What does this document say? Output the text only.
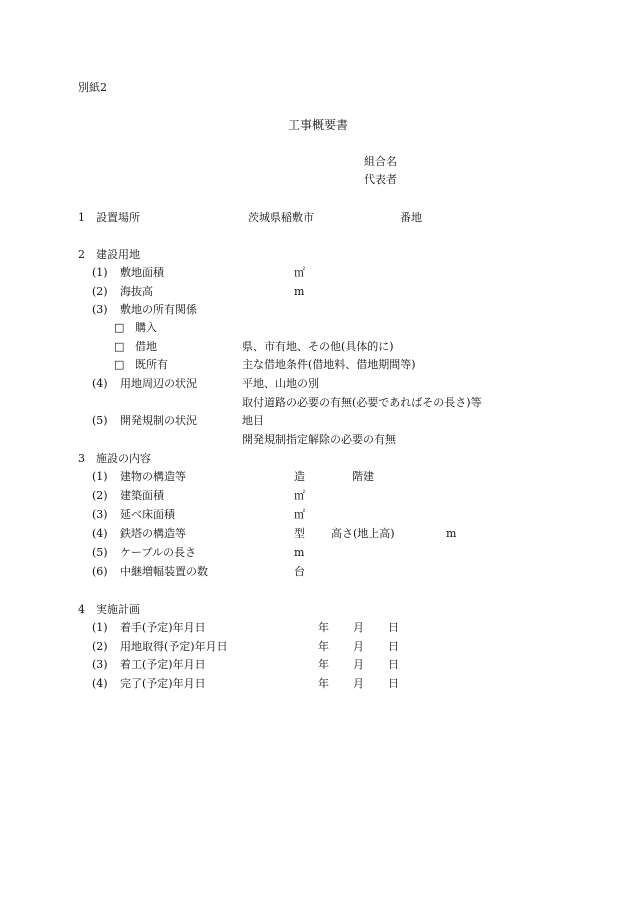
別紙2
工事概要書
組合名
代表者
1 設置場所	茨城県稲敷市	番地
2 建設用地
(1) 敷地面積	㎡
(2) 海抜高	m
(3) 敷地の所有関係
□ 購入
□ 借地	県、市有地、その他(具体的に)
□ 既所有	主な借地条件(借地料、借地期間等)
(4) 用地周辺の状況	平地、山地の別
取付道路の必要の有無(必要であればその長さ)等
(5) 開発規制の状況	地目
開発規制指定解除の必要の有無
3 施設の内容
(1) 建物の構造等	造	階建
(2) 建築面積	㎡
(3) 延べ床面積	㎡
(4) 鉄塔の構造等	型 高さ(地上高)	m
(5) ケーブルの長さ	m
(6) 中継増幅装置の数	台
4 実施計画
(1) 着手(予定)年月日	年 月 日
(2) 用地取得(予定)年月日	年 月 日
(3) 着工(予定)年月日	年 月 日
(4) 完了(予定)年月日	年 月 日
